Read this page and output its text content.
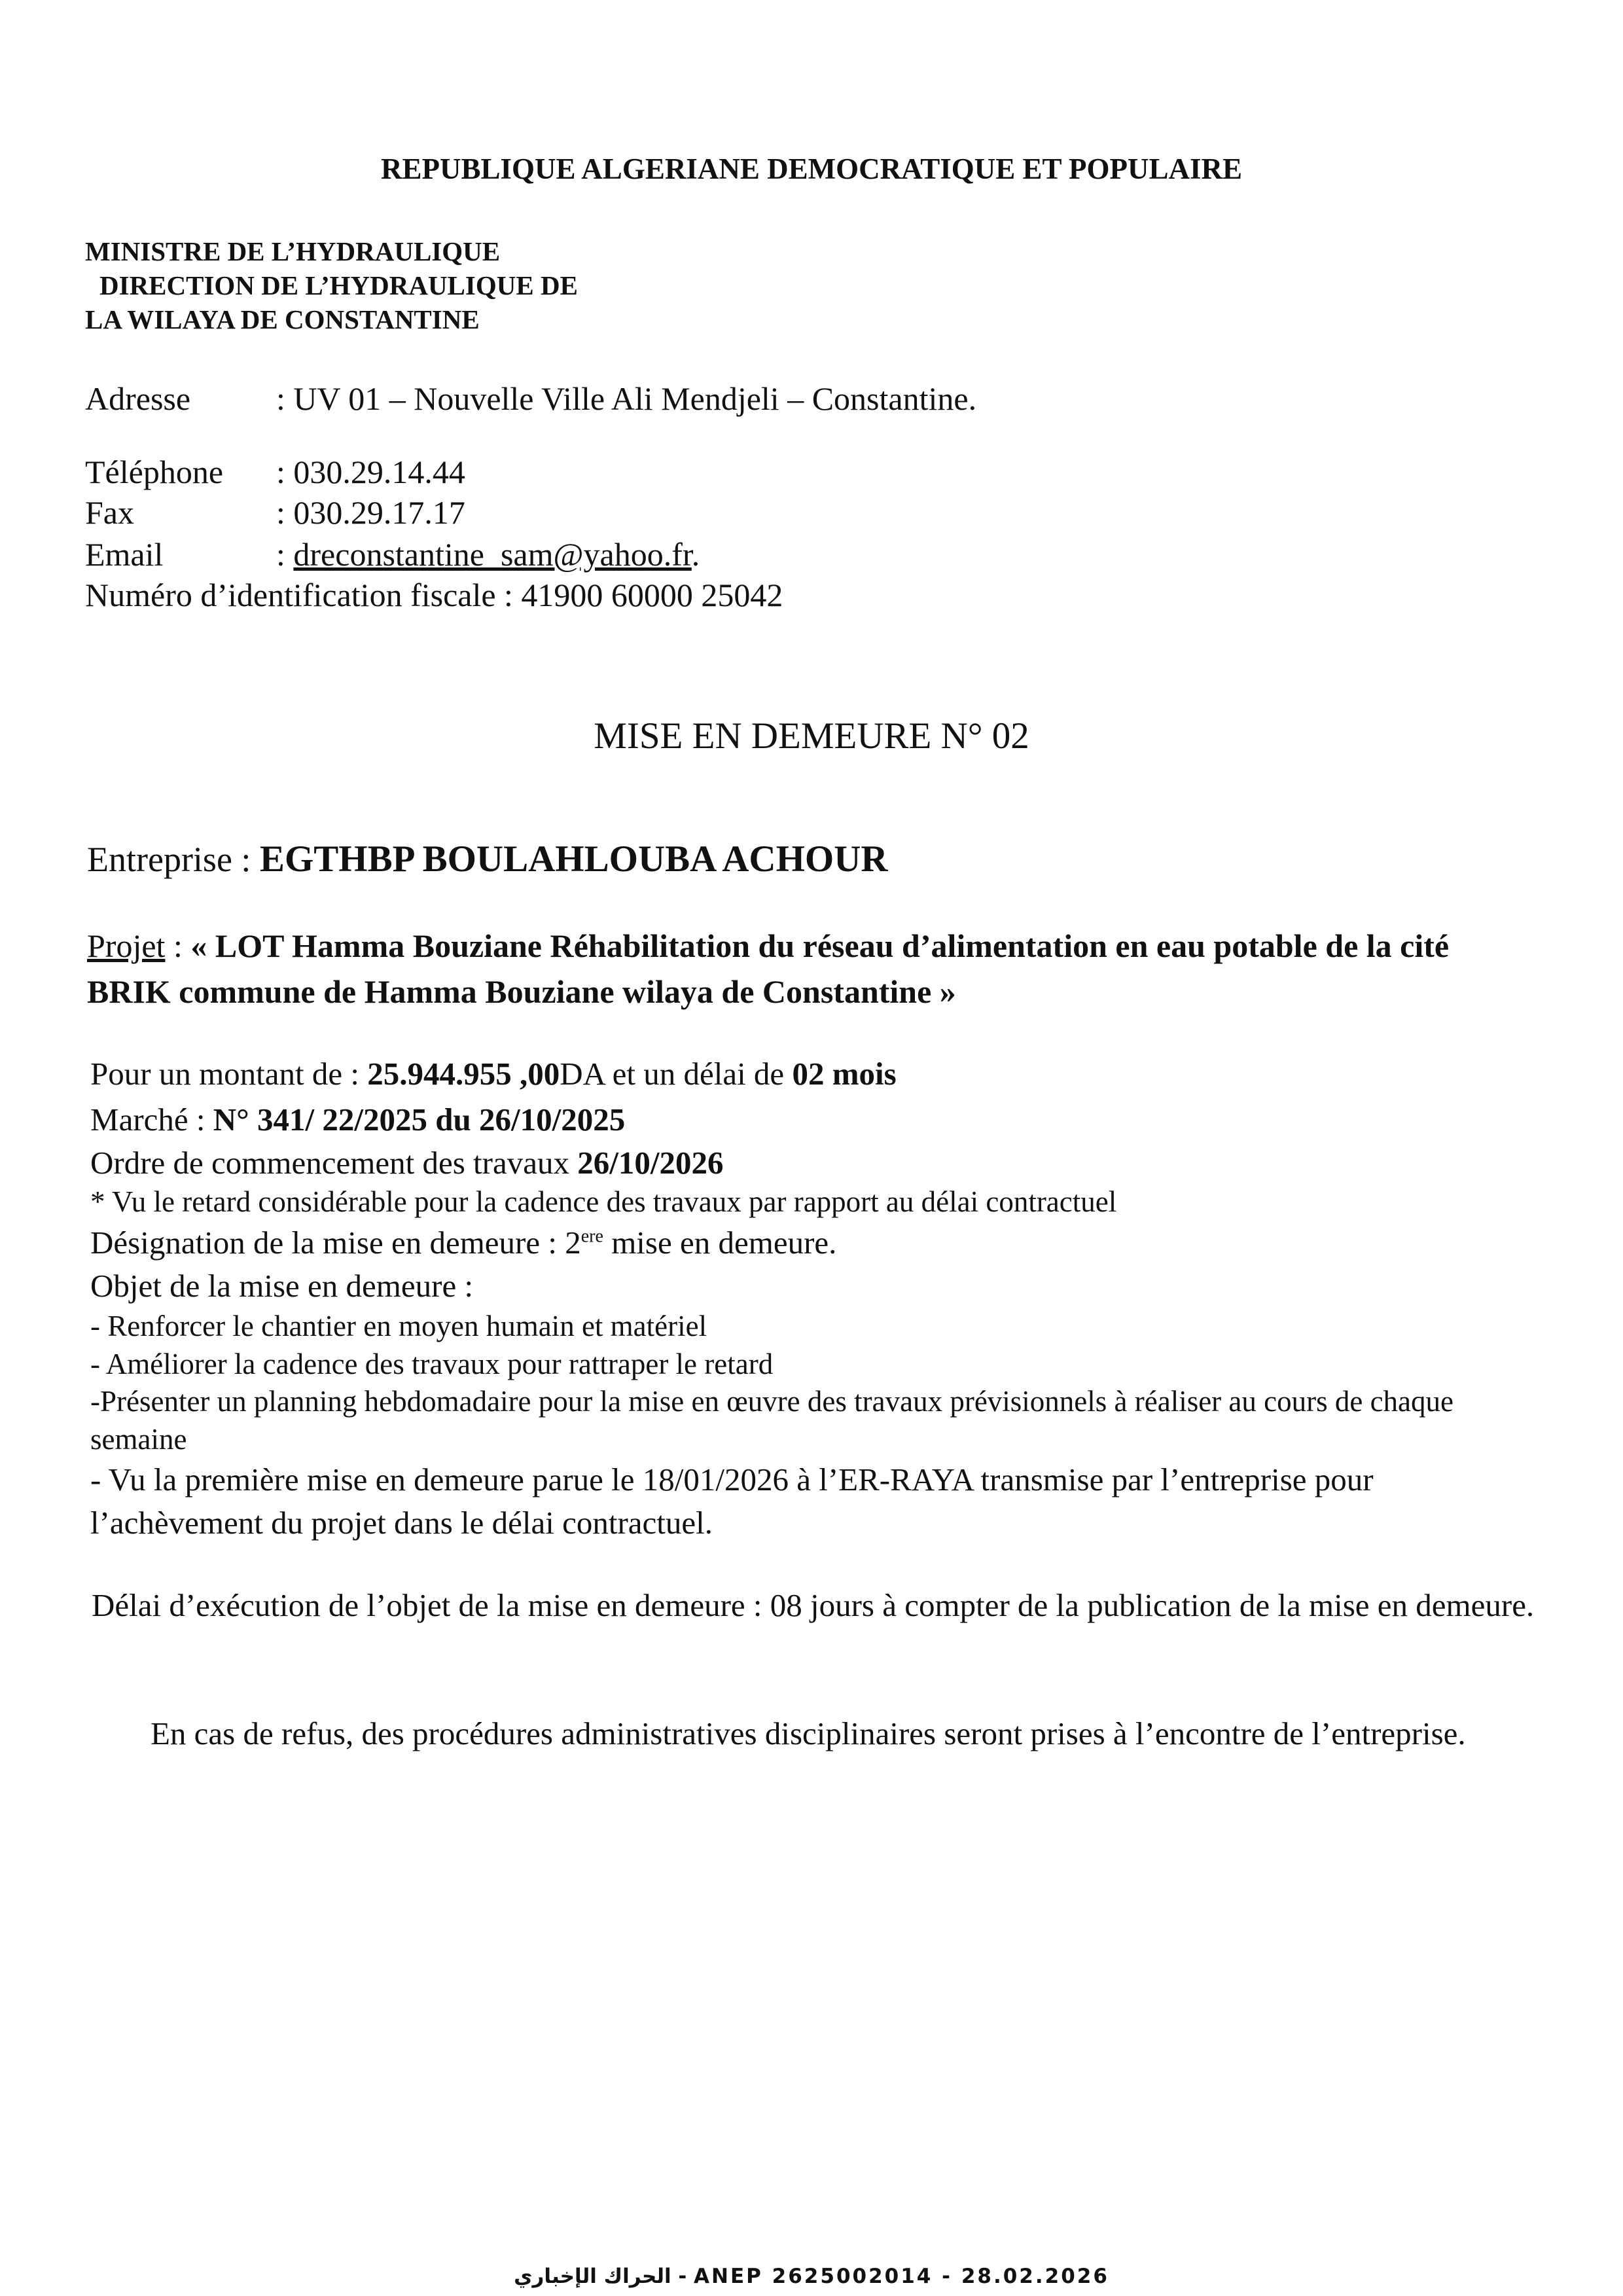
REPUBLIQUE ALGERIANE DEMOCRATIQUE ET POPULAIRE
MINISTRE DE L’HYDRAULIQUE
DIRECTION DE L’HYDRAULIQUE DE
LA WILAYA DE CONSTANTINE
Adresse	: UV 01 – Nouvelle Ville Ali Mendjeli – Constantine.
Téléphone : 030.29.14.44
Fax	: 030.29.17.17
Email	: dreconstantine_sam@yahoo.fr.
Numéro d’identification fiscale : 41900 60000 25042
MISE EN DEMEURE N° 02
Entreprise : EGTHBP BOULAHLOUBA ACHOUR
Projet : « LOT Hamma Bouziane Réhabilitation du réseau d’alimentation en eau potable de la cité BRIK commune de Hamma Bouziane wilaya de Constantine »
Pour un montant de : 25.944.955 ,00DA et un délai de 02 mois
Marché : N° 341/ 22/2025 du 26/10/2025
Ordre de commencement des travaux 26/10/2026
* Vu le retard considérable pour la cadence des travaux par rapport au délai contractuel
Désignation de la mise en demeure : 2ere mise en demeure.
Objet de la mise en demeure :
- Renforcer le chantier en moyen humain et matériel
- Améliorer la cadence des travaux pour rattraper le retard
-Présenter un planning hebdomadaire pour la mise en œuvre des travaux prévisionnels à réaliser au cours de chaque semaine
- Vu la première mise en demeure parue le 18/01/2026 à l’ER-RAYA transmise par l’entreprise pour l’achèvement du projet dans le délai contractuel.
Délai d’exécution de l’objet de la mise en demeure : 08 jours à compter de la publication de la mise en demeure.
En cas de refus, des procédures administratives disciplinaires seront prises à l’encontre de l’entreprise.
الحراك الإخباري - ANEP 2625002014 - 28.02.2026
